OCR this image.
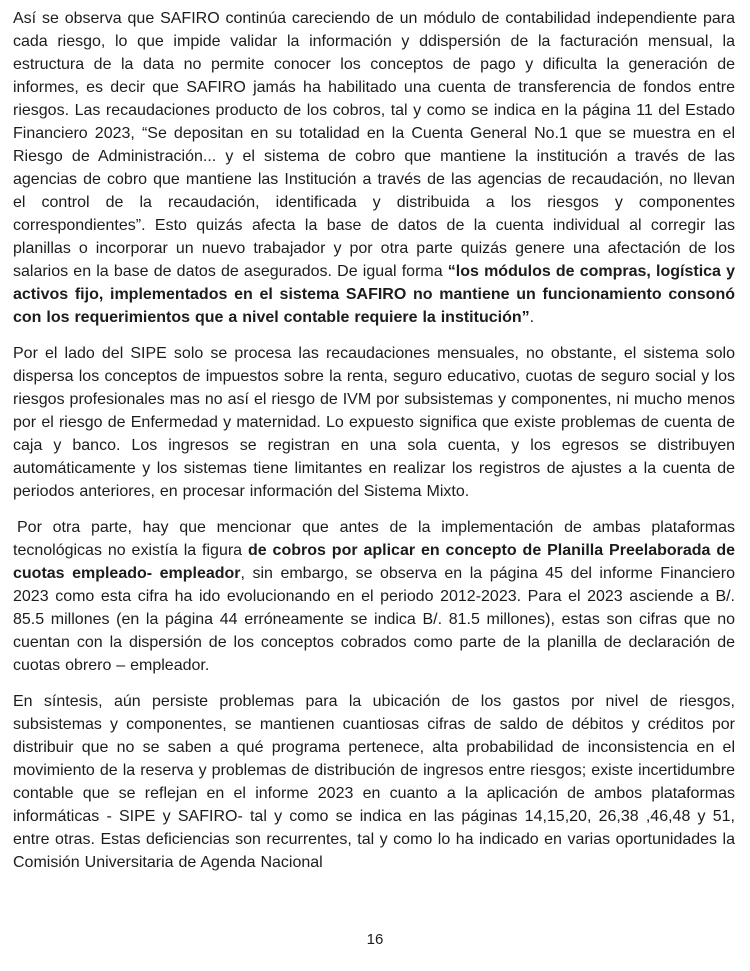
Así se observa que SAFIRO continúa careciendo de un módulo de contabilidad independiente para cada riesgo, lo que impide validar la información y ddispersión de la facturación mensual, la estructura de la data no permite conocer los conceptos de pago y dificulta la generación de informes, es decir que SAFIRO jamás ha habilitado una cuenta de transferencia de fondos entre riesgos. Las recaudaciones producto de los cobros, tal y como se indica en la página 11 del Estado Financiero 2023, “Se depositan en su totalidad en la Cuenta General No.1 que se muestra en el Riesgo de Administración... y el sistema de cobro que mantiene la institución a través de las agencias de cobro que mantiene las Institución a través de las agencias de recaudación, no llevan el control de la recaudación, identificada y distribuida a los riesgos y componentes correspondientes”. Esto quizás afecta la base de datos de la cuenta individual al corregir las planillas o incorporar un nuevo trabajador y por otra parte quizás genere una afectación de los salarios en la base de datos de asegurados. De igual forma “los módulos de compras, logística y activos fijo, implementados en el sistema SAFIRO no mantiene un funcionamiento consonó con los requerimientos que a nivel contable requiere la institución”.

Por el lado del SIPE solo se procesa las recaudaciones mensuales, no obstante, el sistema solo dispersa los conceptos de impuestos sobre la renta, seguro educativo, cuotas de seguro social y los riesgos profesionales mas no así el riesgo de IVM por subsistemas y componentes, ni mucho menos por el riesgo de Enfermedad y maternidad. Lo expuesto significa que existe problemas de cuenta de caja y banco. Los ingresos se registran en una sola cuenta, y los egresos se distribuyen automáticamente y los sistemas tiene limitantes en realizar los registros de ajustes a la cuenta de periodos anteriores, en procesar información del Sistema Mixto.

Por otra parte, hay que mencionar que antes de la implementación de ambas plataformas tecnológicas no existía la figura de cobros por aplicar en concepto de Planilla Preelaborada de cuotas empleado- empleador, sin embargo, se observa en la página 45 del informe Financiero 2023 como esta cifra ha ido evolucionando en el periodo 2012-2023. Para el 2023 asciende a B/. 85.5 millones (en la página 44 erróneamente se indica B/. 81.5 millones), estas son cifras que no cuentan con la dispersión de los conceptos cobrados como parte de la planilla de declaración de cuotas obrero – empleador.

En síntesis, aún persiste problemas para la ubicación de los gastos por nivel de riesgos, subsistemas y componentes, se mantienen cuantiosas cifras de saldo de débitos y créditos por distribuir que no se saben a qué programa pertenece, alta probabilidad de inconsistencia en el movimiento de la reserva y problemas de distribución de ingresos entre riesgos; existe incertidumbre contable que se reflejan en el informe 2023 en cuanto a la aplicación de ambos plataformas informáticas - SIPE y SAFIRO- tal y como se indica en las páginas 14,15,20, 26,38 ,46,48 y 51, entre otras. Estas deficiencias son recurrentes, tal y como lo ha indicado en varias oportunidades la Comisión Universitaria de Agenda Nacional

16
